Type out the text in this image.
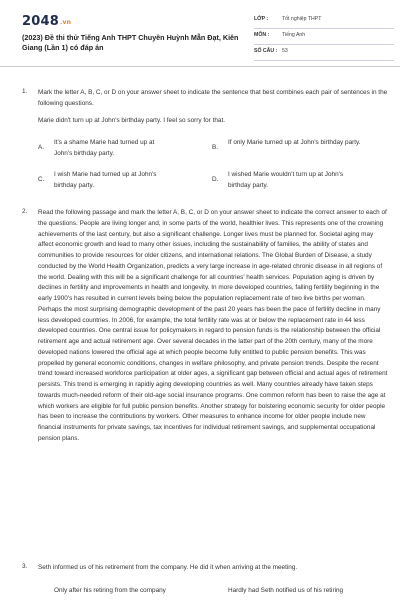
2048.vn
(2023) Đề thi thử Tiếng Anh THPT Chuyên Huỳnh Mẫn Đạt, Kiên Giang (Lần 1) có đáp án
LỚP :	Tốt nghiệp THPT
MÔN : Tiếng Anh
SỐ CÂU : 53
1. Mark the letter A, B, C, or D on your answer sheet to indicate the sentence that best combines each pair of sentences in the following questions.
Marie didn't turn up at John's birthday party. I feel so sorry for that.
A.
It's a shame Marie had turned up at John's birthday party.
B.
If only Marie turned up at John's birthday party.
C.
I wish Marie had turned up at John's birthday party.
D.
I wished Marie wouldn't turn up at John's birthday party.
2. Read the following passage and mark the letter A, B, C, or D on your answer sheet to indicate the correct answer to each of the questions. People are living longer and, in some parts of the world, healthier lives. This represents one of the crowning achievements of the last century, but also a significant challenge. Longer lives must be planned for. Societal aging may affect economic growth and lead to many other issues, including the sustainability of families, the ability of states and communities to provide resources for older citizens, and international relations. The Global Burden of Disease, a study conducted by the World Health Organization, predicts a very large increase in age-related chronic disease in all regions of the world. Dealing with this will be a significant challenge for all countries' health services. Population aging is driven by declines in fertility and improvements in health and longevity. In more developed countries, falling fertility beginning in the early 1900's has resulted in current levels being below the population replacement rate of two live births per woman. Perhaps the most surprising demographic development of the past 20 years has been the pace of fertility decline in many less developed countries. In 2006, for example, the total fertility rate was at or below the replacement rate in 44 less developed countries. One central issue for policymakers in regard to pension funds is the relationship between the official retirement age and actual retirement age. Over several decades in the latter part of the 20th century, many of the more developed nations lowered the official age at which people become fully entitled to public pension benefits. This was propelled by general economic conditions, changes in welfare philosophy, and private pension trends. Despite the recent trend toward increased workforce participation at older ages, a significant gap between official and actual ages of retirement persists. This trend is emerging in rapidly aging developing countries as well. Many countries already have taken steps towards much-needed reform of their old-age social insurance programs. One common reform has been to raise the age at which workers are eligible for full public pension benefits. Another strategy for bolstering economic security for older people has been to increase the contributions by workers. Other measures to enhance income for older people include new financial instruments for private savings, tax incentives for individual retirement savings, and supplemental occupational pension plans.
3. Seth informed us of his retirement from the company. He did it when arriving at the meeting.
Only after his retiring from the company	Hardly had Seth notified us of his retiring
